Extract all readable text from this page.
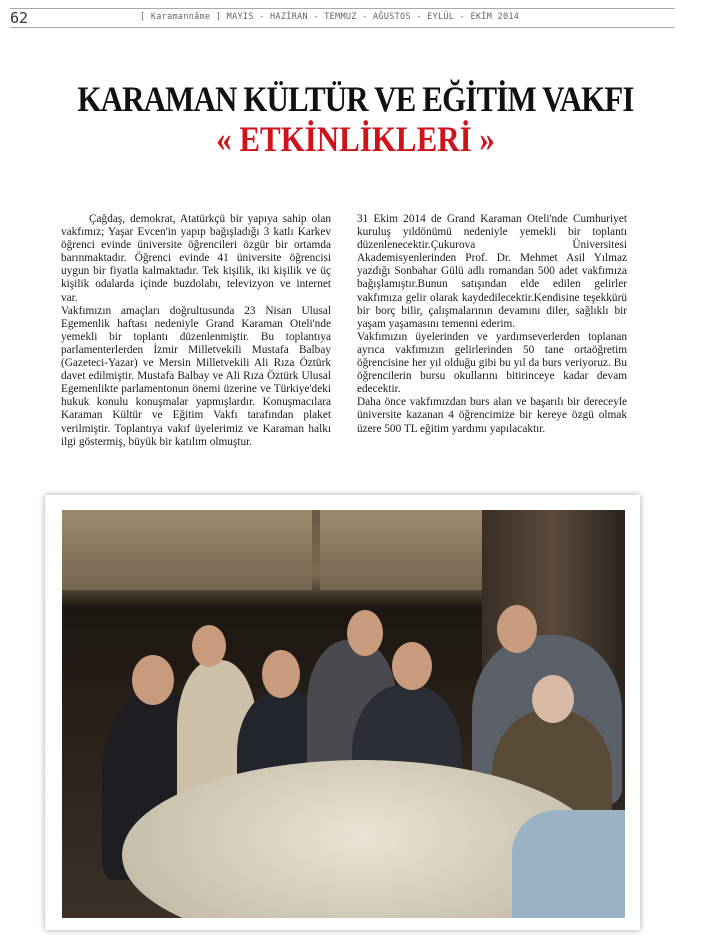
62	[ Karamannâme ] MAYIS - HAZİRAN - TEMMUZ - AĞUSTOS - EYLÜL - EKİM 2014
KARAMAN KÜLTÜR VE EĞİTİM VAKFI
« ETKİNLİKLERİ »

Çağdaş, demokrat, Atatürkçü bir yapıya sahip olan vakfımız; Yaşar Evcen'in yapıp bağışladığı 3 katlı Karkev öğrenci evinde üniversite öğrencileri özgür bir ortamda barınmaktadır. Öğrenci evinde 41 üniversite öğrencisi uygun bir fiyatla kalmaktadır. Tek kişilik, iki kişilik ve üç kişilik odalarda içinde buzdolabı, televizyon ve internet var.

Vakfımızın amaçları doğrultusunda 23 Nisan Ulusal Egemenlik haftası nedeniyle Grand Karaman Oteli'nde yemekli bir toplantı düzenlenmiştir. Bu toplantıya parlamenterlerden İzmir Milletvekili Mustafa Balbay (Gazeteci-Yazar) ve Mersin Milletvekili Ali Rıza Öztürk davet edilmiştir. Mustafa Balbay ve Ali Rıza Öztürk Ulusal Egemenlikte parlamentonun önemi üzerine ve Türkiye'deki hukuk konulu konuşmalar yapmışlardır. Konuşmacılara Karaman Kültür ve Eğitim Vakfı tarafından plaket verilmiştir. Toplantıya vakıf üyelerimiz ve Karaman halkı ilgi göstermiş, büyük bir katılım olmuştur.

31 Ekim 2014 de Grand Karaman Oteli'nde Cumhuriyet kuruluş yıldönümü nedeniyle yemekli bir toplantı düzenlenecektir.Çukurova Üniversitesi Akademisyenlerinden Prof. Dr. Mehmet Asil Yılmaz yazdığı Sonbahar Gülü adlı romandan 500 adet vakfımıza bağışlamıştır.Bunun satışından elde edilen gelirler vakfımıza gelir olarak kaydedilecektir.Kendisine teşekkürü bir borç bilir, çalışmalarının devamını diler, sağlıklı bir yaşam yaşamasını temenni ederim.

Vakfımızın üyelerinden ve yardımseverlerden toplanan ayrıca vakfımızın gelirlerinden 50 tane ortaöğretim öğrencisine her yıl olduğu gibi bu yıl da burs veriyoruz. Bu öğrencilerin bursu okullarını bitirinceye kadar devam edecektir.

Daha önce vakfımızdan burs alan ve başarılı bir dereceyle üniversite kazanan 4 öğrencimize bir kereye özgü olmak üzere 500 TL eğitim yardımı yapılacaktır.
